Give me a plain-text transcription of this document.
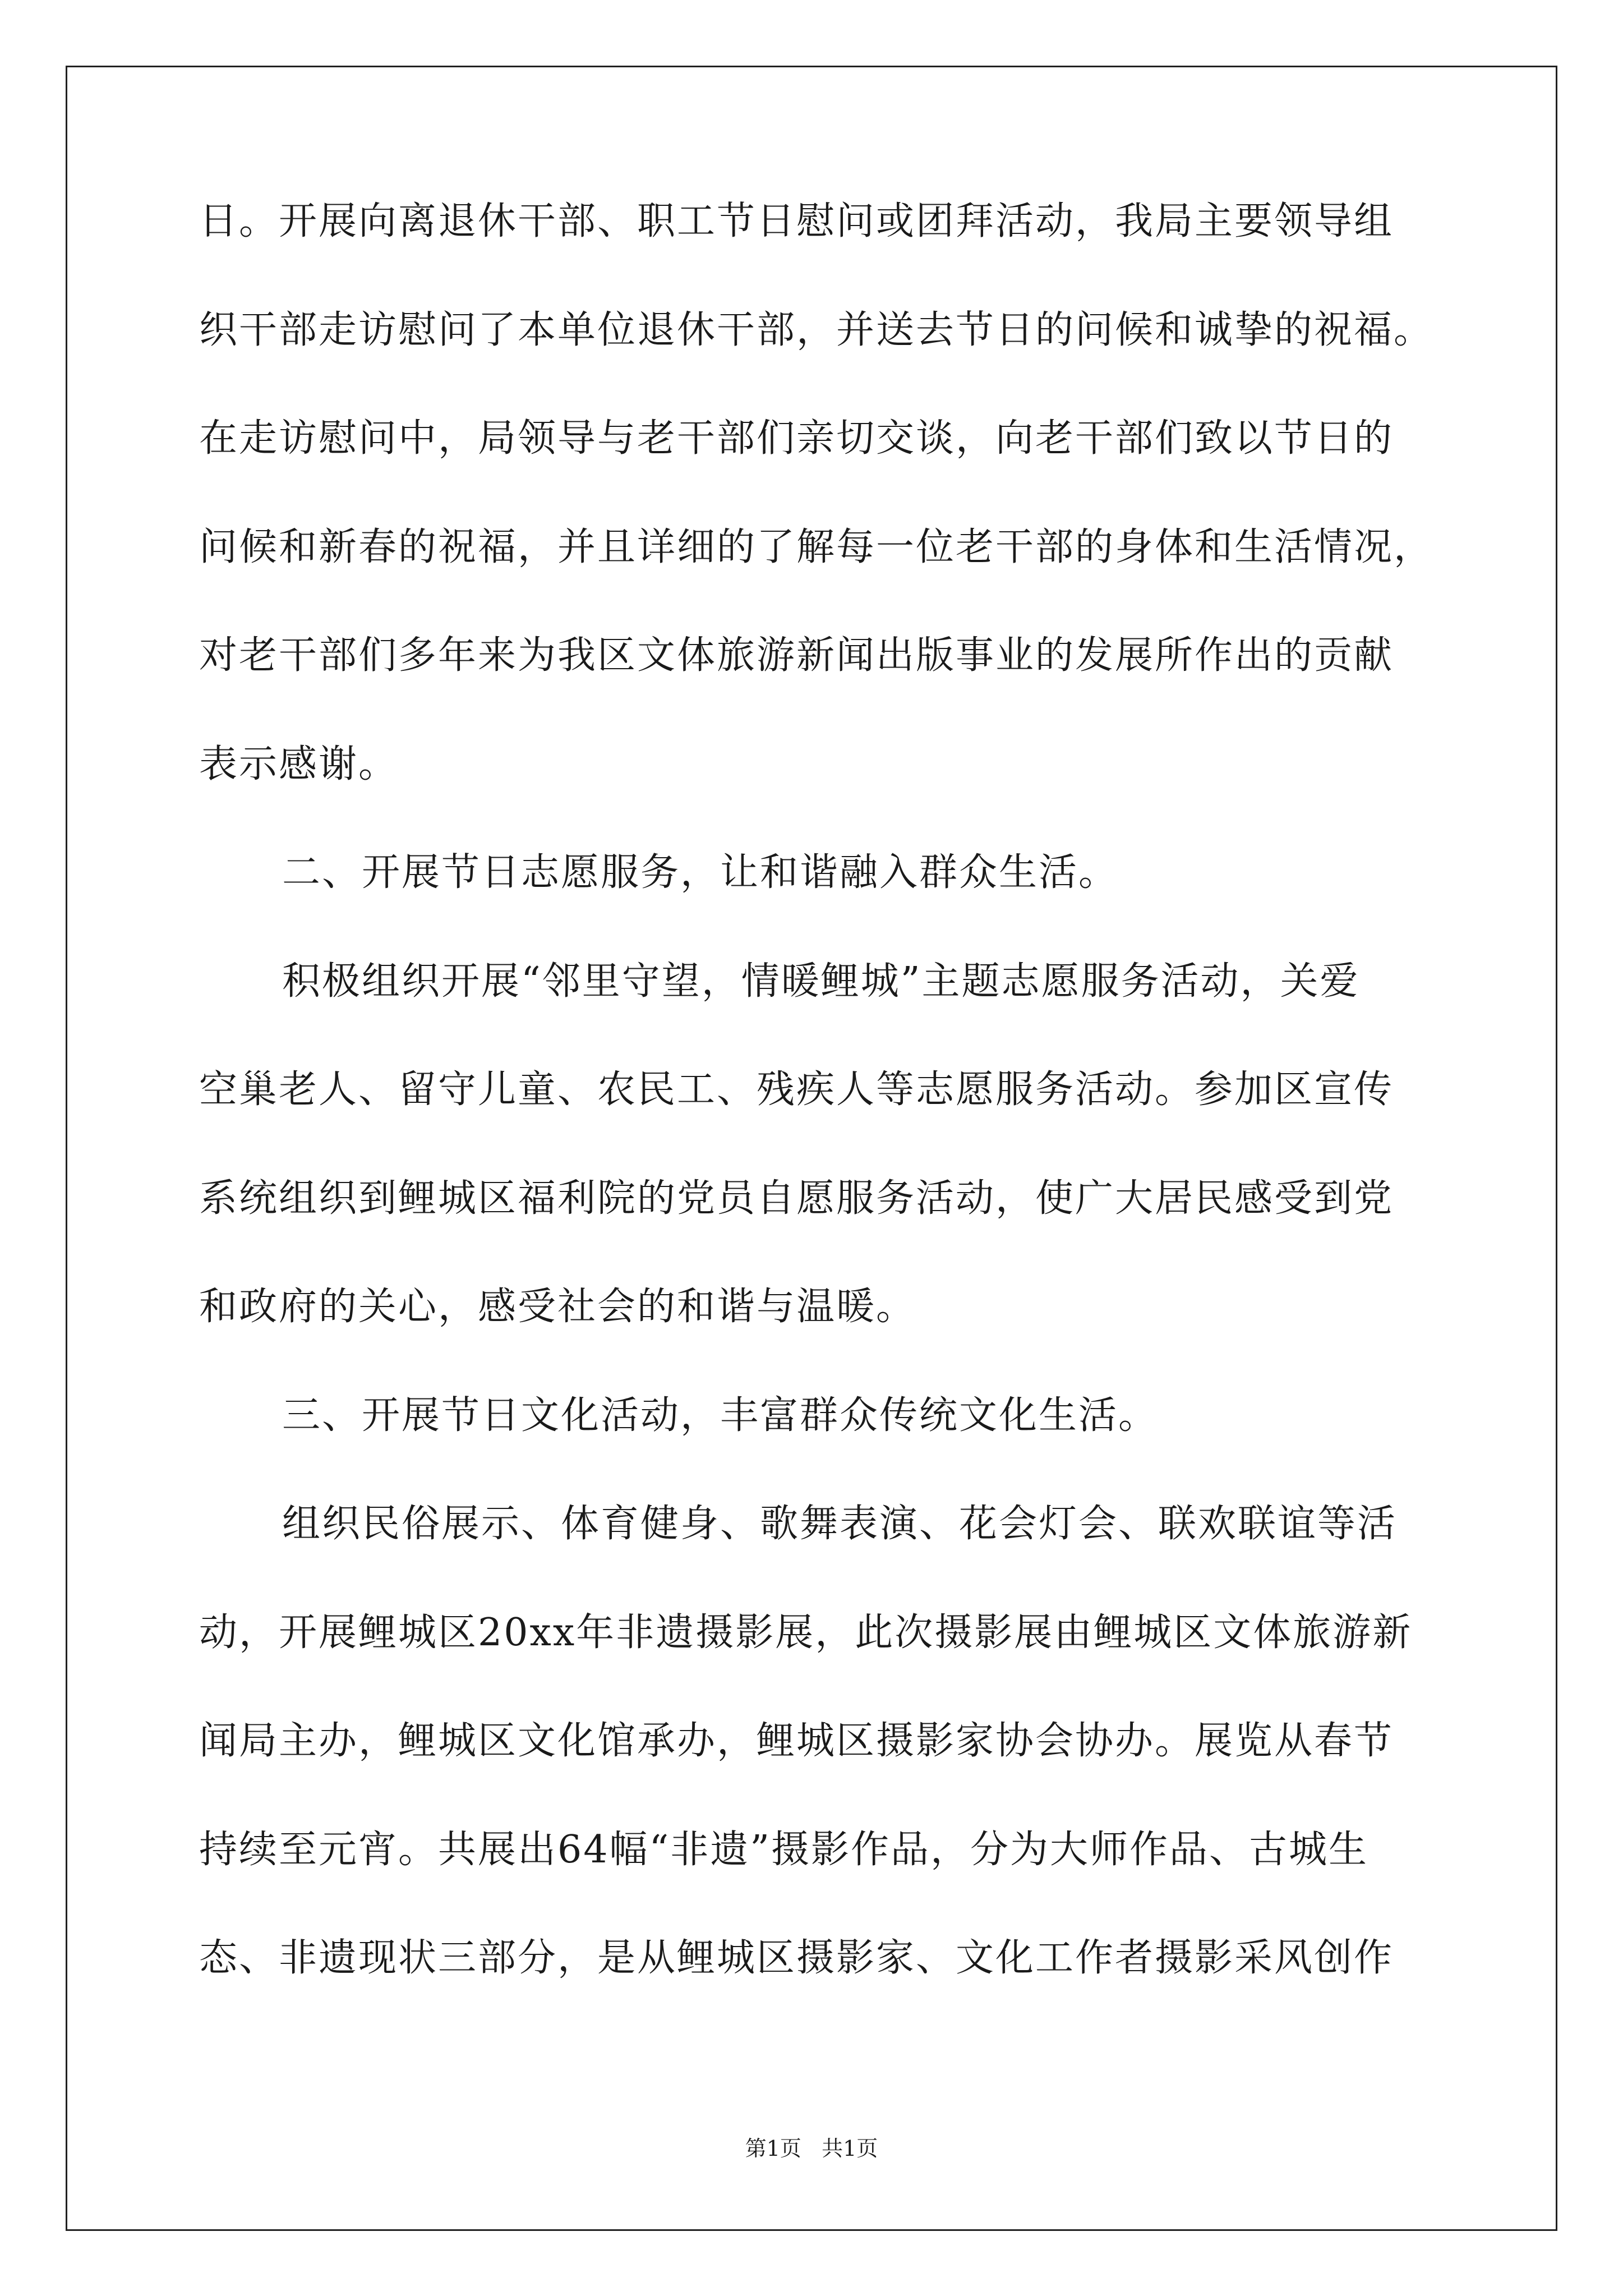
日。开展向离退休干部、职工节日慰问或团拜活动，我局主要领导组
织干部走访慰问了本单位退休干部，并送去节日的问候和诚挚的祝福。
在走访慰问中，局领导与老干部们亲切交谈，向老干部们致以节日的
问候和新春的祝福，并且详细的了解每一位老干部的身体和生活情况，
对老干部们多年来为我区文体旅游新闻出版事业的发展所作出的贡献
表示感谢。
二、开展节日志愿服务，让和谐融入群众生活。
积极组织开展“邻里守望，情暖鲤城”主题志愿服务活动，关爱
空巢老人、留守儿童、农民工、残疾人等志愿服务活动。参加区宣传
系统组织到鲤城区福利院的党员自愿服务活动，使广大居民感受到党
和政府的关心，感受社会的和谐与温暖。
三、开展节日文化活动，丰富群众传统文化生活。
组织民俗展示、体育健身、歌舞表演、花会灯会、联欢联谊等活
动，开展鲤城区20xx年非遗摄影展，此次摄影展由鲤城区文体旅游新
闻局主办，鲤城区文化馆承办，鲤城区摄影家协会协办。展览从春节
持续至元宵。共展出64幅“非遗”摄影作品，分为大师作品、古城生
态、非遗现状三部分，是从鲤城区摄影家、文化工作者摄影采风创作
第1页   共1页
